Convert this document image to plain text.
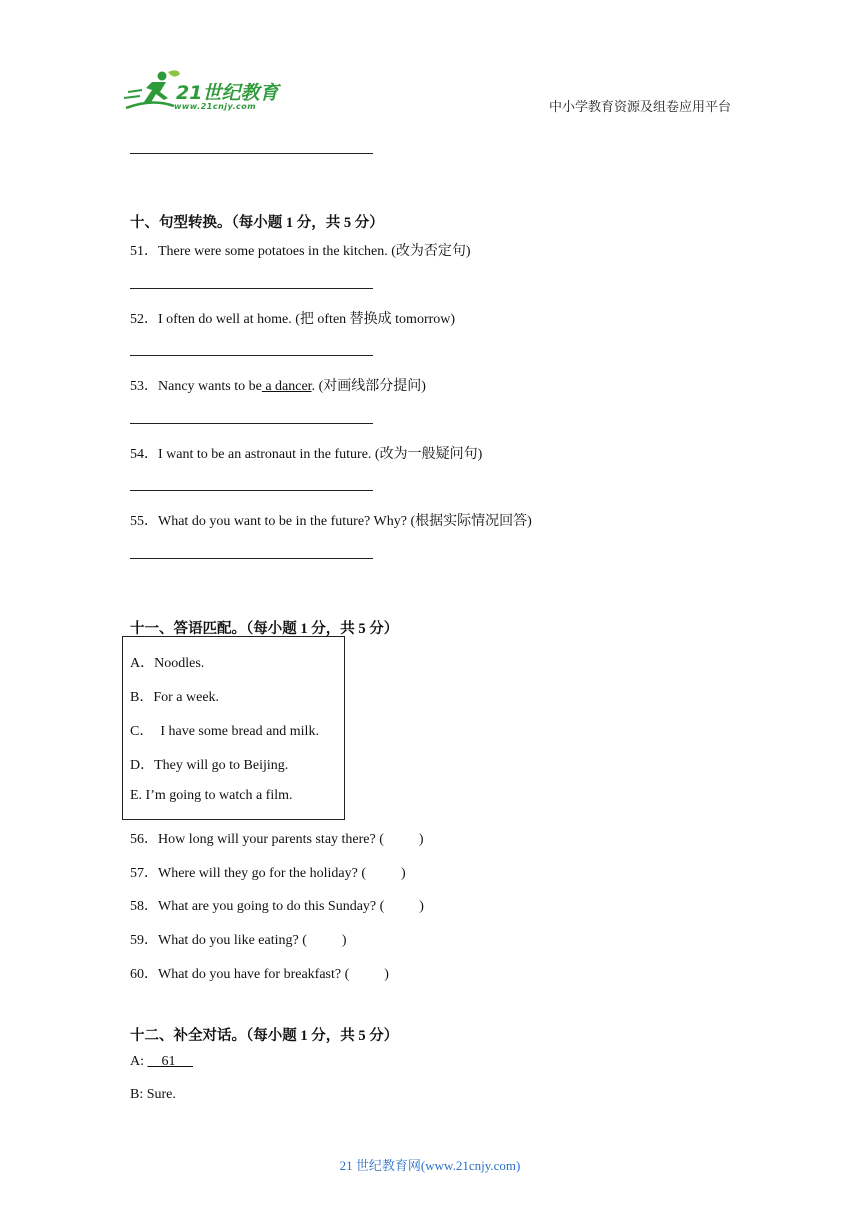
21世纪教育
www.21cnjy.com	中小学教育资源及组卷应用平台
十、句型转换。（每小题 1 分，共 5 分）
51．There were some potatoes in the kitchen. (改为否定句)
52．I often do well at home. (把 often 替换成 tomorrow)
53．Nancy wants to be a dancer. (对画线部分提问)
54．I want to be an astronaut in the future. (改为一般疑问句)
55．What do you want to be in the future? Why? (根据实际情况回答)
十一、答语匹配。（每小题 1 分，共 5 分）
A．Noodles.
B．For a week.
C．  I have some bread and milk.
D．They will go to Beijing.
E. I’m going to watch a film.
56．How long will your parents stay there? (          )
57．Where will they go for the holiday? (          )
58．What are you going to do this Sunday? (          )
59．What do you like eating? (          )
60．What do you have for breakfast? (          )
十二、补全对话。（每小题 1 分，共 5 分）
A:     61
B: Sure.
21 世纪教育网(www.21cnjy.com)
